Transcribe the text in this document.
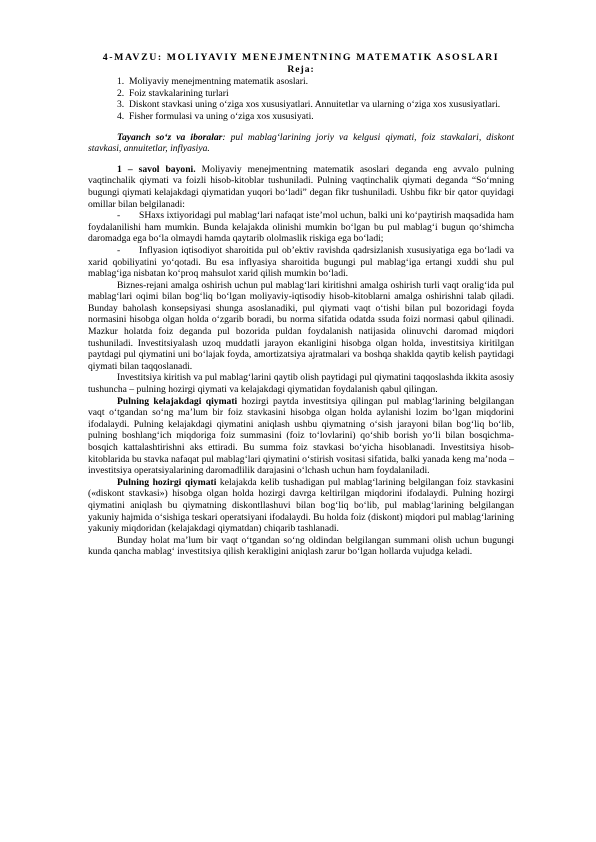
4-MAVZU: MOLIYAVIY MENEJMENTNING MATEMATIK ASOSLARI
Reja:
1. Moliyaviy menejmentning matematik asoslari.
2. Foiz stavkalarining turlari

3. Diskont stavkasi uning o‘ziga xos xususiyatlari. Annuitetlar va ularning o‘ziga xos xususiyatlari.

4. Fisher formulasi va uning o‘ziga xos xususiyati.

Tayanch so‘z va iboralar: pul mablag‘larining joriy va kelgusi qiymati, foiz stavkalari, diskont stavkasi, annuitetlar, inflyasiya.

1 – savol bayoni. Moliyaviy menejmentning matematik asoslari deganda eng avvalo pulning vaqtinchalik qiymati va foizli hisob-kitoblar tushuniladi. Pulning vaqtinchalik qiymati deganda “So‘mning bugungi qiymati kelajakdagi qiymatidan yuqori bo‘ladi” degan fikr tushuniladi. Ushbu fikr bir qator quyidagi omillar bilan belgilanadi:

- SHaxs ixtiyoridagi pul mablag‘lari nafaqat iste’mol uchun, balki uni ko‘paytirish maqsadida ham foydalanilishi ham mumkin. Bunda kelajakda olinishi mumkin bo‘lgan bu pul mablag‘i bugun qo‘shimcha daromadga ega bo‘la olmaydi hamda qaytarib ololmaslik riskiga ega bo‘ladi;

- Inflyasion iqtisodiyot sharoitida pul ob’ektiv ravishda qadrsizlanish xususiyatiga ega bo‘ladi va xarid qobiliyatini yo‘qotadi. Bu esa inflyasiya sharoitida bugungi pul mablag‘iga ertangi xuddi shu pul mablag‘iga nisbatan ko‘proq mahsulot xarid qilish mumkin bo‘ladi.

Biznes-rejani amalga oshirish uchun pul mablag‘lari kiritishni amalga oshirish turli vaqt oralig‘ida pul mablag‘lari oqimi bilan bog‘liq bo‘lgan moliyaviy-iqtisodiy hisob-kitoblarni amalga oshirishni talab qiladi. Bunday baholash konsepsiyasi shunga asoslanadiki, pul qiymati vaqt o‘tishi bilan pul bozoridagi foyda normasini hisobga olgan holda o‘zgarib boradi, bu norma sifatida odatda ssuda foizi normasi qabul qilinadi. Mazkur holatda foiz deganda pul bozorida puldan foydalanish natijasida olinuvchi daromad miqdori tushuniladi. Investitsiyalash uzoq muddatli jarayon ekanligini hisobga olgan holda, investitsiya kiritilgan paytdagi pul qiymatini uni bo‘lajak foyda, amortizatsiya ajratmalari va boshqa shaklda qaytib kelish paytidagi qiymati bilan taqqoslanadi.

Investitsiya kiritish va pul mablag‘larini qaytib olish paytidagi pul qiymatini taqqoslashda ikkita asosiy tushuncha – pulning hozirgi qiymati va kelajakdagi qiymatidan foydalanish qabul qilingan.

Pulning kelajakdagi qiymati hozirgi paytda investitsiya qilingan pul mablag‘larining belgilangan vaqt o‘tgandan so‘ng ma’lum bir foiz stavkasini hisobga olgan holda aylanishi lozim bo‘lgan miqdorini ifodalaydi. Pulning kelajakdagi qiymatini aniqlash ushbu qiymatning o‘sish jarayoni bilan bog‘liq bo‘lib, pulning boshlang‘ich miqdoriga foiz summasini (foiz to‘lovlarini) qo‘shib borish yo‘li bilan bosqichma-bosqich kattalashtirishni aks ettiradi. Bu summa foiz stavkasi bo‘yicha hisoblanadi. Investitsiya hisob-kitoblarida bu stavka nafaqat pul mablag‘lari qiymatini o‘stirish vositasi sifatida, balki yanada keng ma’noda – investitsiya operatsiyalarining daromadlilik darajasini o‘lchash uchun ham foydalaniladi.

Pulning hozirgi qiymati kelajakda kelib tushadigan pul mablag‘larining belgilangan foiz stavkasini («diskont stavkasi») hisobga olgan holda hozirgi davrga keltirilgan miqdorini ifodalaydi. Pulning hozirgi qiymatini aniqlash bu qiymatning diskontllashuvi bilan bog‘liq bo‘lib, pul mablag‘larining belgilangan yakuniy hajmida o‘sishiga teskari operatsiyani ifodalaydi. Bu holda foiz (diskont) miqdori pul mablag‘larining yakuniy miqdoridan (kelajakdagi qiymatdan) chiqarib tashlanadi.

Bunday holat ma’lum bir vaqt o‘tgandan so‘ng oldindan belgilangan summani olish uchun bugungi kunda qancha mablag‘ investitsiya qilish kerakligini aniqlash zarur bo‘lgan hollarda vujudga keladi.
